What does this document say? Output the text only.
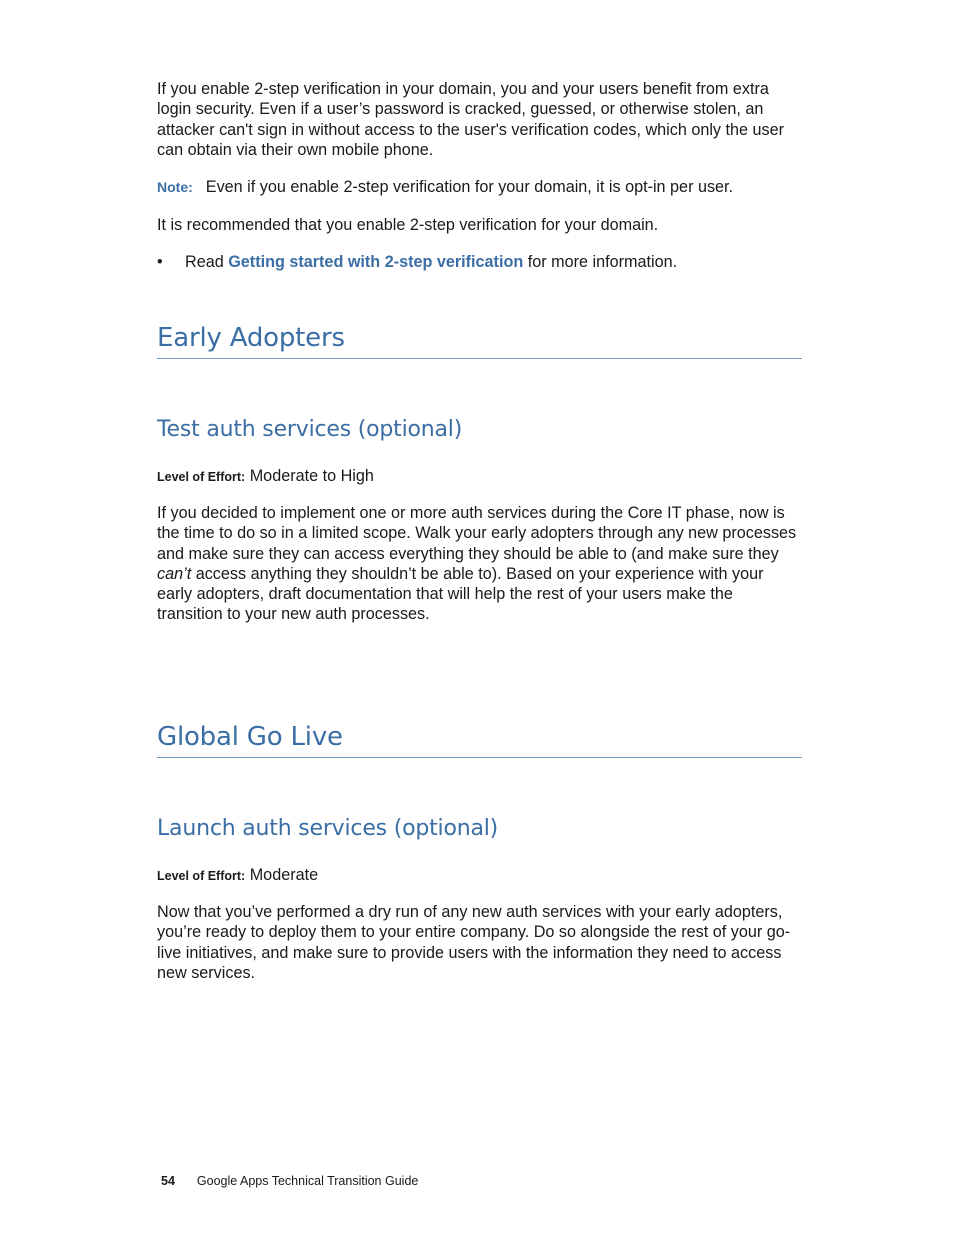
If you enable 2-step verification in your domain, you and your users benefit from extra login security. Even if a user’s password is cracked, guessed, or otherwise stolen, an attacker can't sign in without access to the user's verification codes, which only the user can obtain via their own mobile phone.

Note: Even if you enable 2-step verification for your domain, it is opt-in per user.

It is recommended that you enable 2-step verification for your domain.

• Read Getting started with 2-step verification for more information.
Early Adopters
Test auth services (optional)

Level of Effort: Moderate to High

If you decided to implement one or more auth services during the Core IT phase, now is the time to do so in a limited scope. Walk your early adopters through any new processes and make sure they can access everything they should be able to (and make sure they can’t access anything they shouldn’t be able to). Based on your experience with your early adopters, draft documentation that will help the rest of your users make the transition to your new auth processes.

Global Go Live
Launch auth services (optional)

Level of Effort: Moderate

Now that you’ve performed a dry run of any new auth services with your early adopters, you’re ready to deploy them to your entire company. Do so alongside the rest of your go-live initiatives, and make sure to provide users with the information they need to access new services.

54 Google Apps Technical Transition Guide
